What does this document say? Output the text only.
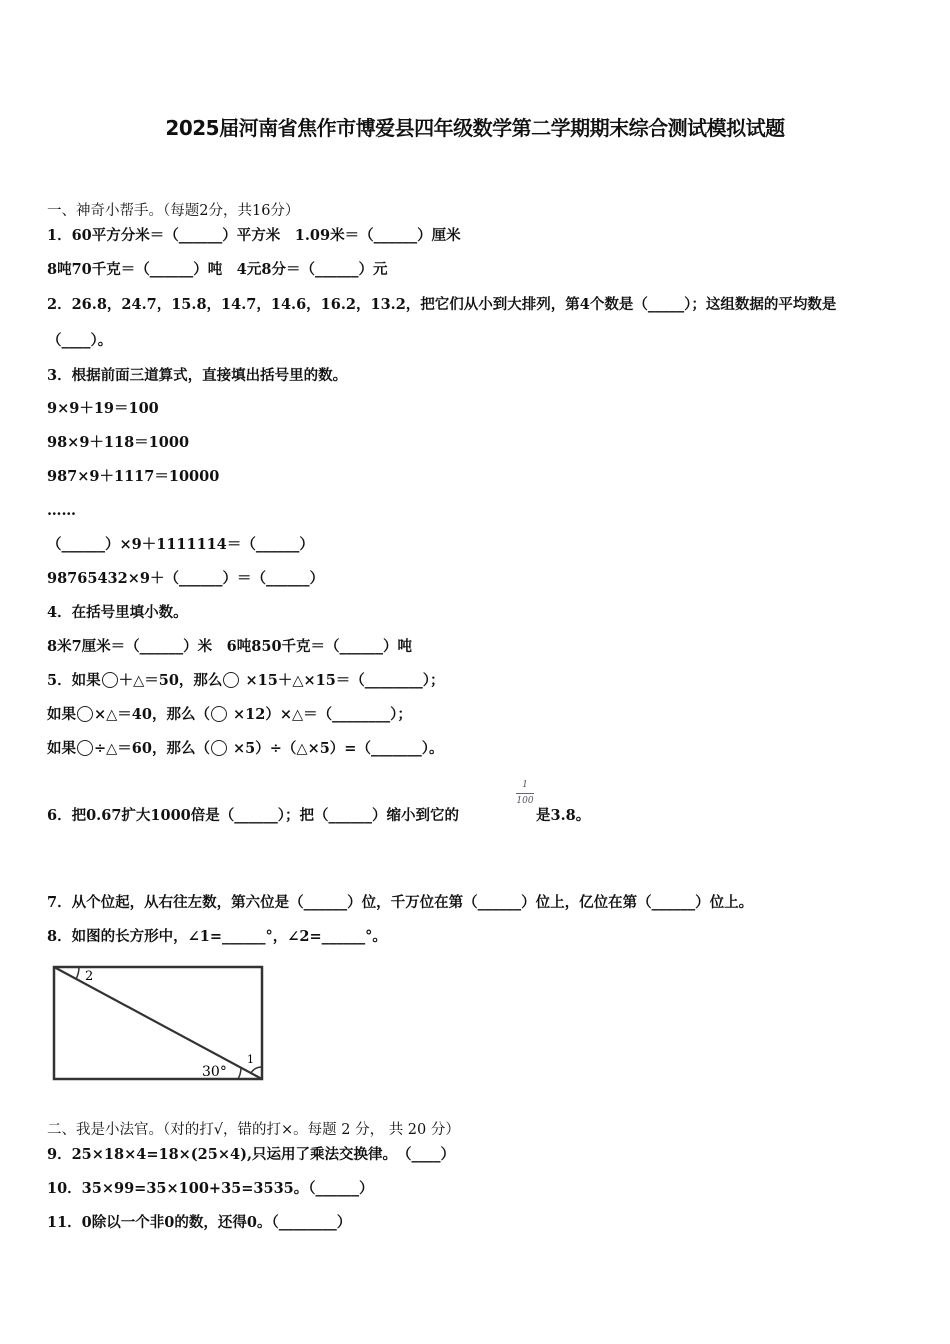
2025届河南省焦作市博爱县四年级数学第二学期期末综合测试模拟试题
一、神奇小帮手。（每题2分，共16分）
1．60平方分米＝（______）平方米　1.09米＝（______）厘米
8吨70千克＝（______）吨　4元8分＝（______）元
2．26.8，24.7，15.8，14.7，14.6，16.2，13.2，把它们从小到大排列，第4个数是（_____）；这组数据的平均数是
（____）。
3．根据前面三道算式，直接填出括号里的数。
9×9＋19＝100
98×9＋118＝1000
987×9＋1117＝10000
……
（______）×9＋1111114＝（______）
98765432×9＋（______）＝（______）
4．在括号里填小数。
8米7厘米＝（______）米　6吨850千克＝（______）吨
5．如果 ＋△＝50，那么 ×15＋△×15＝（________）；
如果 ×△＝40，那么（ ×12）×△＝（________）；
如果 ÷△＝60，那么（ ×5）÷（△×5）=（_______）。
6．把0.67扩大1000倍是（______）；把（______）缩小到它的
1
100
是3.8。
7．从个位起，从右往左数，第六位是（______）位，千万位在第（______）位上，亿位在第（______）位上。
8．如图的长方形中，∠1=______°，∠2=______°。
2
1
30°
二、我是小法官。（对的打√，错的打×。每题 2 分， 共 20 分）
9．25×18×4=18×(25×4),只运用了乘法交换律。　（____）
10．35×99=35×100+35=3535。（______）
11．0除以一个非0的数，还得0。（________）
